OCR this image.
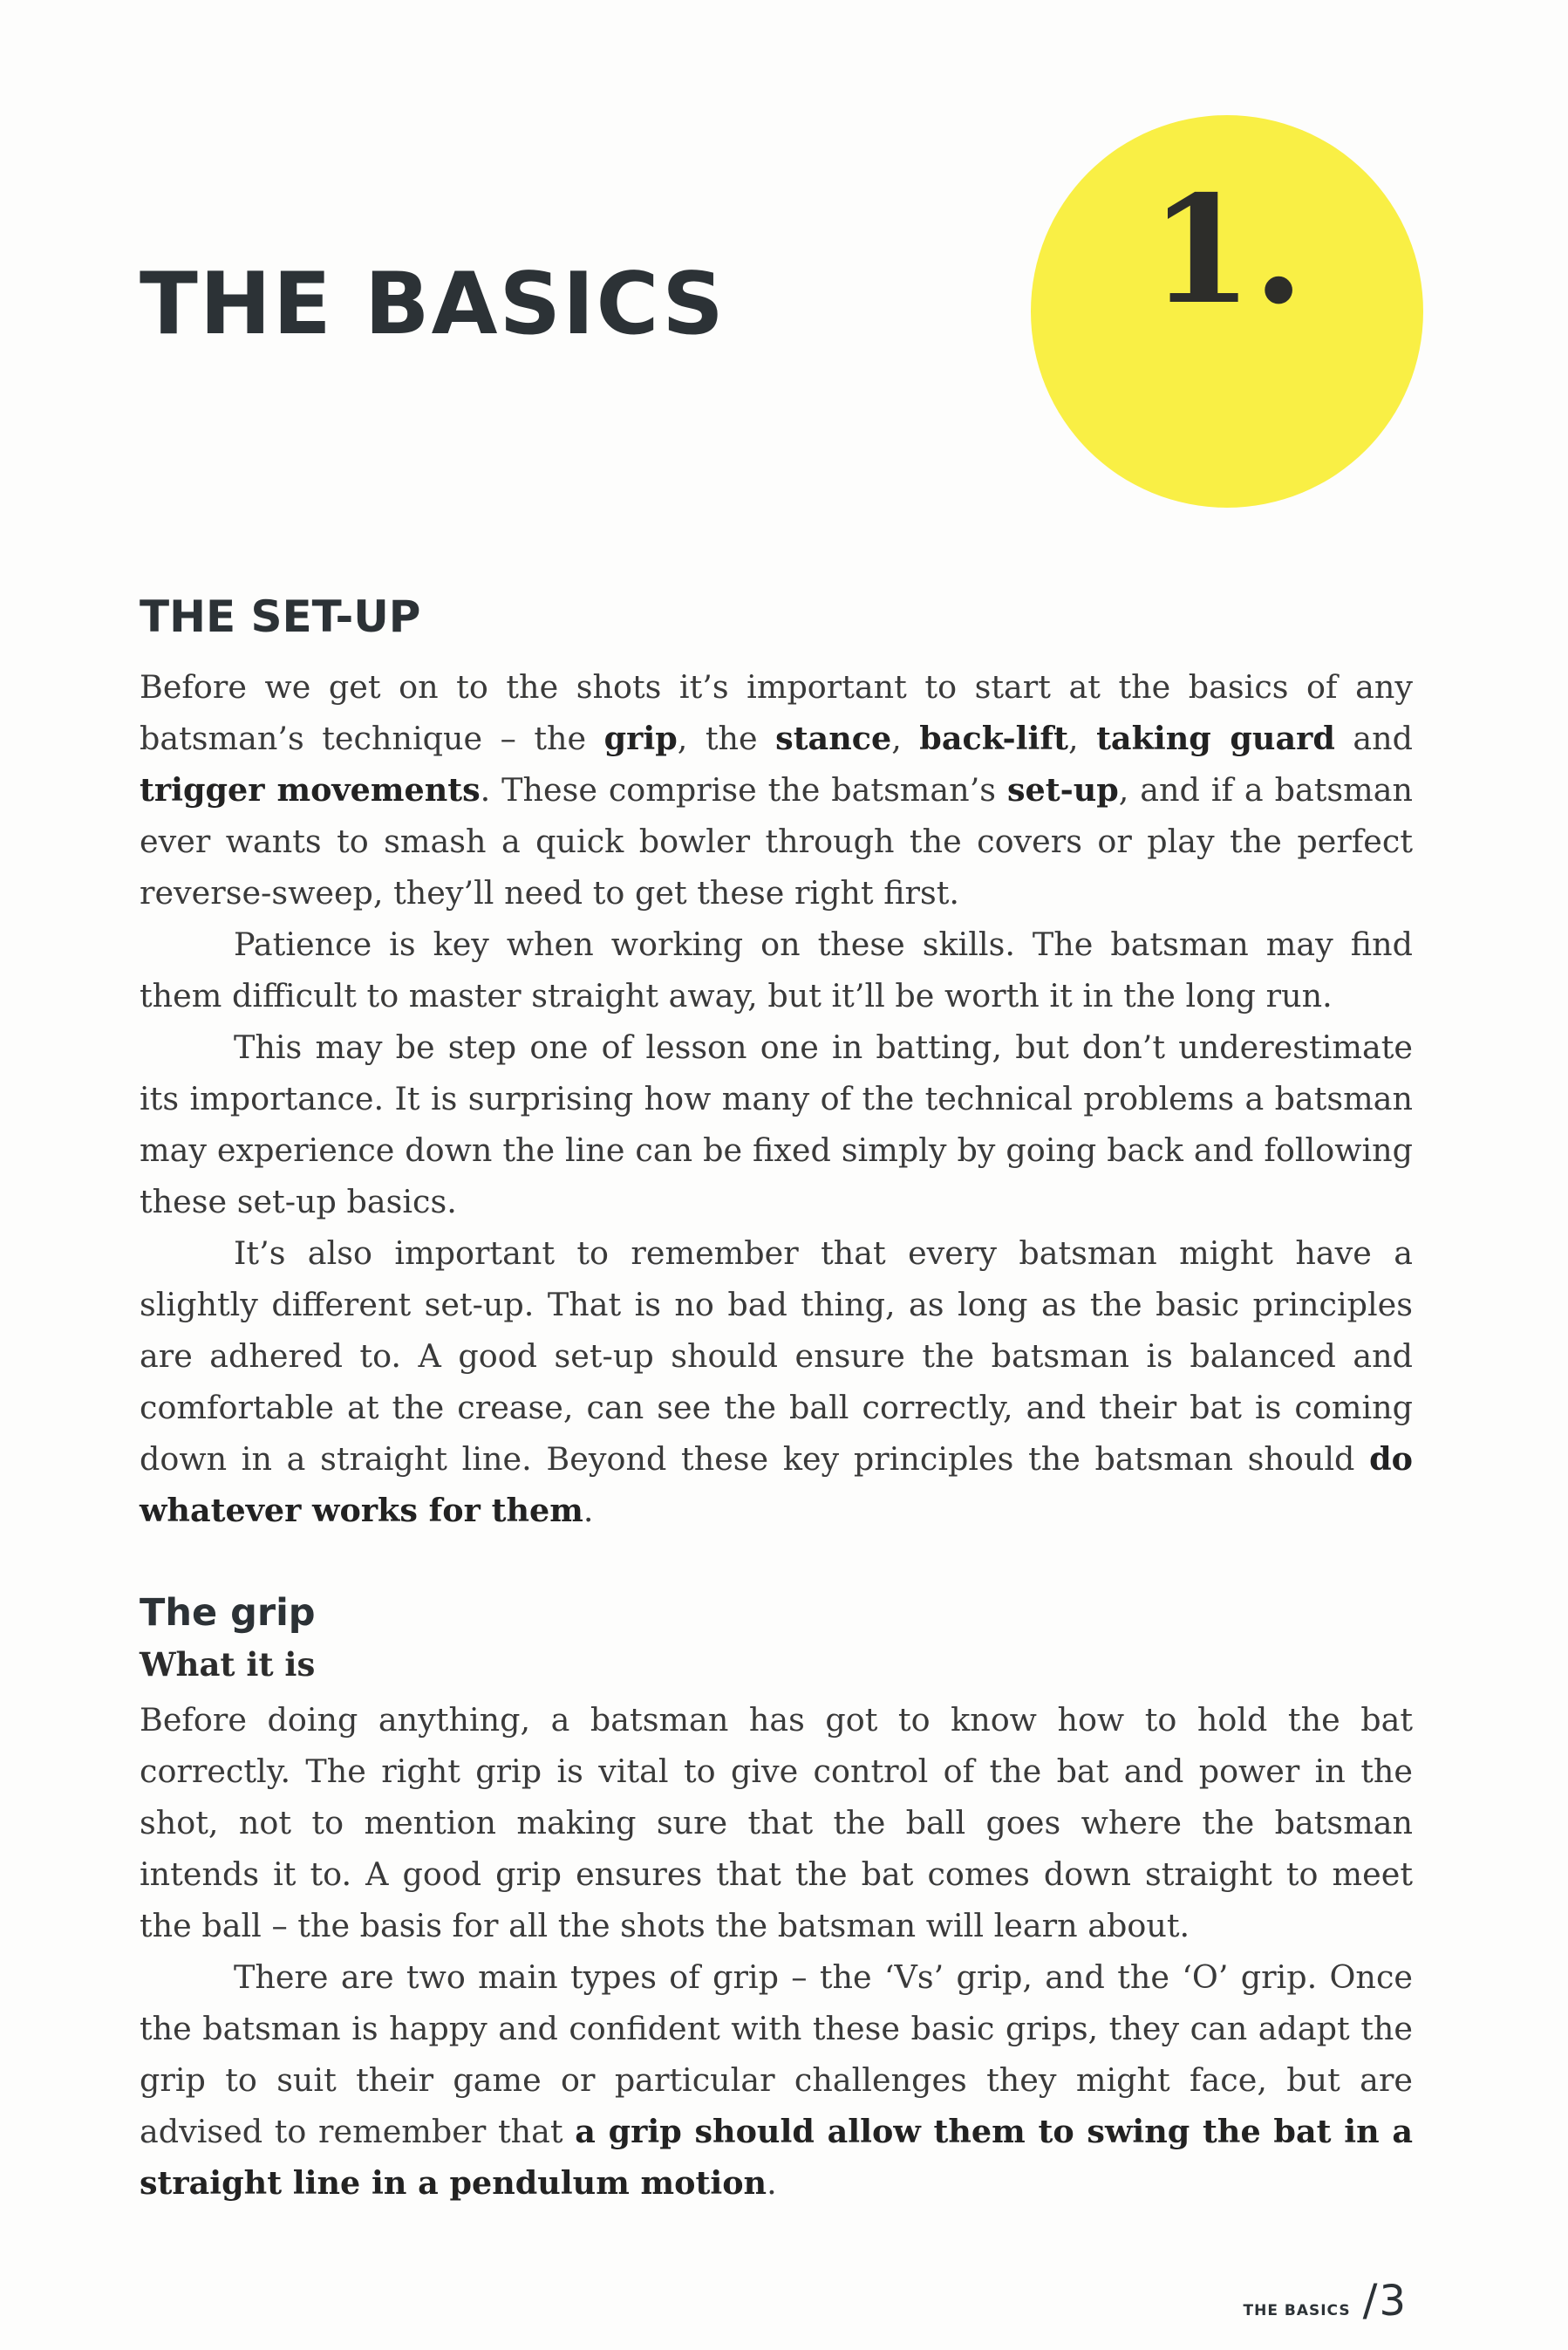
THE BASICS	1.
THE SET-UP

Before we get on to the shots it’s important to start at the basics of any batsman’s technique – the grip, the stance, back-lift, taking guard and trigger movements. These comprise the batsman’s set-up, and if a batsman ever wants to smash a quick bowler through the covers or play the perfect reverse-sweep, they’ll need to get these right first.

Patience is key when working on these skills. The batsman may find them difficult to master straight away, but it’ll be worth it in the long run.

This may be step one of lesson one in batting, but don’t underestimate its importance. It is surprising how many of the technical problems a batsman may experience down the line can be fixed simply by going back and following these set-up basics.

It’s also important to remember that every batsman might have a slightly different set-up. That is no bad thing, as long as the basic principles are adhered to. A good set-up should ensure the batsman is balanced and comfortable at the crease, can see the ball correctly, and their bat is coming down in a straight line. Beyond these key principles the batsman should do whatever works for them.

The grip
What it is

Before doing anything, a batsman has got to know how to hold the bat correctly. The right grip is vital to give control of the bat and power in the shot, not to mention making sure that the ball goes where the batsman intends it to. A good grip ensures that the bat comes down straight to meet the ball – the basis for all the shots the batsman will learn about.

There are two main types of grip – the ‘Vs’ grip, and the ‘O’ grip. Once the batsman is happy and confident with these basic grips, they can adapt the grip to suit their game or particular challenges they might face, but are advised to remember that a grip should allow them to swing the bat in a straight line in a pendulum motion.

THE BASICS / 3
